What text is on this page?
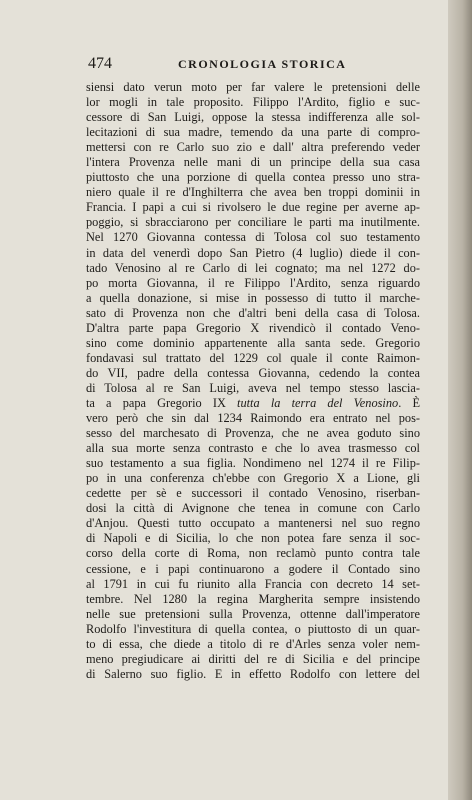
474	CRONOLOGIA STORICA
siensi dato verun moto per far valere le pretensioni delle
lor mogli in tale proposito. Filippo l'Ardito, figlio e suc-
cessore di San Luigi, oppose la stessa indifferenza alle sol-
lecitazioni di sua madre, temendo da una parte di compro-
mettersi con re Carlo suo zio e dall' altra preferendo veder
l'intera Provenza nelle mani di un principe della sua casa
piuttosto che una porzione di quella contea presso uno stra-
niero quale il re d'Inghilterra che avea ben troppi dominii in
Francia. I papi a cui si rivolsero le due regine per averne ap-
poggio, si sbracciarono per conciliare le parti ma inutilmente.
Nel 1270 Giovanna contessa di Tolosa col suo testamento
in data del venerdì dopo San Pietro (4 luglio) diede il con-
tado Venosino al re Carlo di lei cognato; ma nel 1272 do-
po morta Giovanna, il re Filippo l'Ardito, senza riguardo
a quella donazione, si mise in possesso di tutto il marche-
sato di Provenza non che d'altri beni della casa di Tolosa.
D'altra parte papa Gregorio X rivendicò il contado Veno-
sino come dominio appartenente alla santa sede. Gregorio
fondavasi sul trattato del 1229 col quale il conte Raimon-
do VII, padre della contessa Giovanna, cedendo la contea
di Tolosa al re San Luigi, aveva nel tempo stesso lascia-
ta a papa Gregorio IX tutta la terra del Venosino. È
vero però che sin dal 1234 Raimondo era entrato nel pos-
sesso del marchesato di Provenza, che ne avea goduto sino
alla sua morte senza contrasto e che lo avea trasmesso col
suo testamento a sua figlia. Nondimeno nel 1274 il re Filip-
po in una conferenza ch'ebbe con Gregorio X a Lione, gli
cedette per sè e successori il contado Venosino, riserban-
dosi la città di Avignone che tenea in comune con Carlo
d'Anjou. Questi tutto occupato a mantenersi nel suo regno
di Napoli e di Sicilia, lo che non potea fare senza il soc-
corso della corte di Roma, non reclamò punto contra tale
cessione, e i papi continuarono a godere il Contado sino
al 1791 in cui fu riunito alla Francia con decreto 14 set-
tembre. Nel 1280 la regina Margherita sempre insistendo
nelle sue pretensioni sulla Provenza, ottenne dall'imperatore
Rodolfo l'investitura di quella contea, o piuttosto di un quar-
to di essa, che diede a titolo di re d'Arles senza voler nem-
meno pregiudicare ai diritti del re di Sicilia e del principe
di Salerno suo figlio. E in effetto Rodolfo con lettere del
